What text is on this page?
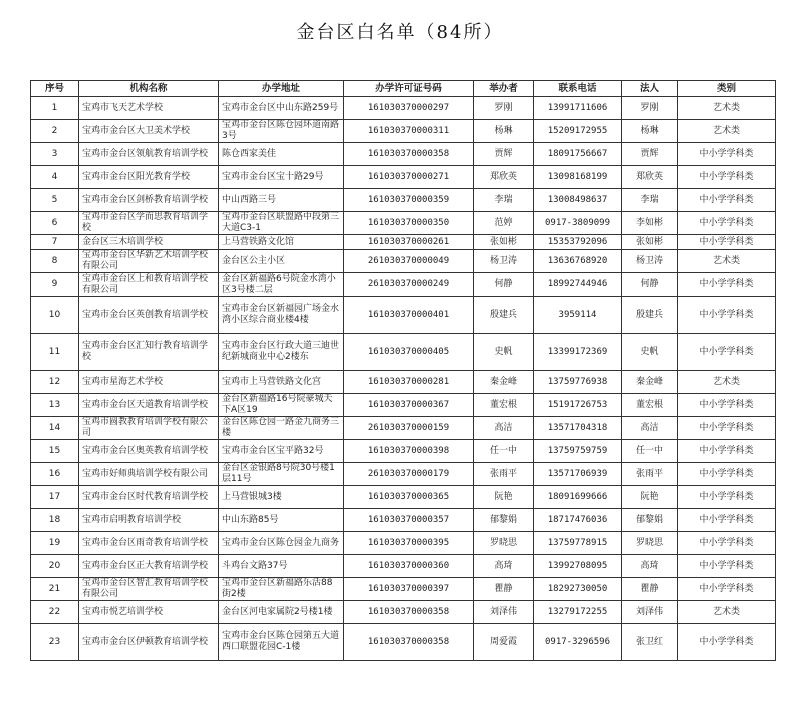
金台区白名单（84所）
序号	机构名称	办学地址	办学许可证号码	举办者	联系电话	法人	类别
1	宝鸡市飞天艺术学校	宝鸡市金台区中山东路259号	161030370000297	罗刚	13991711606	罗刚	艺术类
2	宝鸡市金台区大卫美术学校	宝鸡市金台区陈仓园环道南路3号	161030370000311	杨琳	15209172955	杨琳	艺术类
3	宝鸡市金台区领航教育培训学校	陈仓西家美佳	161030370000358	贾辉	18091756667	贾辉	中小学学科类
4	宝鸡市金台区阳光教育学校	宝鸡市金台区宝十路29号	161030370000271	郑欣英	13098168199	郑欣英	中小学学科类
5	宝鸡市金台区剑桥教育培训学校	中山西路三号	161030370000359	李瑞	13008498637	李瑞	中小学学科类
6	宝鸡市金台区学而思教育培训学校	宝鸡市金台区联盟路中段第三大道C3-1	161030370000350	范婷	0917-3809099	李如彬	中小学学科类
7	金台区三木培训学校	上马营铁路文化馆	161030370000261	张如彬	15353792096	张如彬	中小学学科类
8	宝鸡市金台区华新艺术培训学校有限公司	金台区公主小区	261030370000049	杨卫涛	13636768920	杨卫涛	艺术类
9	宝鸡市金台区上和教育培训学校有限公司	金台区新福路6号院金水湾小区3号楼二层	261030370000249	何静	18992744946	何静	中小学学科类
10	宝鸡市金台区英创教育培训学校	宝鸡市金台区新福园广场金水湾小区综合商业楼4楼	161030370000401	殷建兵	3959114	殷建兵	中小学学科类
11	宝鸡市金台区汇知行教育培训学校	宝鸡市金台区行政大道三迪世纪新城商业中心2楼东	161030370000405	史帆	13399172369	史帆	中小学学科类
12	宝鸡市星海艺术学校	宝鸡市上马营铁路文化宫	161030370000281	秦金峰	13759776938	秦金峰	艺术类
13	宝鸡市金台区天道教育培训学校	金台区新福路16号院豪城天下A区19	161030370000367	董宏根	15191726753	董宏根	中小学学科类
14	宝鸡市圆教教育培训学校有限公司	金台区陈仓园一路金九商务三楼	261030370000159	高洁	13571704318	高洁	中小学学科类
15	宝鸡市金台区奥英教育培训学校	宝鸡市金台区宝平路32号	161030370000398	任一中	13759759759	任一中	中小学学科类
16	宝鸡市好师典培训学校有限公司	金台区金银路8号院30号楼1层11号	261030370000179	张雨平	13571706939	张雨平	中小学学科类
17	宝鸡市金台区时代教育培训学校	上马营银城3楼	161030370000365	阮艳	18091699666	阮艳	中小学学科类
18	宝鸡市启明教育培训学校	中山东路85号	161030370000357	郁黎娟	18717476036	郁黎娟	中小学学科类
19	宝鸡市金台区雨奇教育培训学校	宝鸡市金台区陈仓园金九商务	161030370000395	罗晓思	13759778915	罗晓思	中小学学科类
20	宝鸡市金台区正大教育培训学校	斗鸡台文路37号	161030370000360	高琦	13992708095	高琦	中小学学科类
21	宝鸡市金台区智汇教育培训学校有限公司	宝鸡市金台区新福路乐活88街2楼	161030370000397	瞿静	18292730050	瞿静	中小学学科类
22	宝鸡市悦艺培训学校	金台区河电家属院2号楼1楼	161030370000358	刘泽伟	13279172255	刘泽伟	艺术类
23	宝鸡市金台区伊顿教育培训学校	宝鸡市金台区陈仓园第五大道西口联盟花园C-1楼	161030370000358	周爱霞	0917-3296596	张卫红	中小学学科类
